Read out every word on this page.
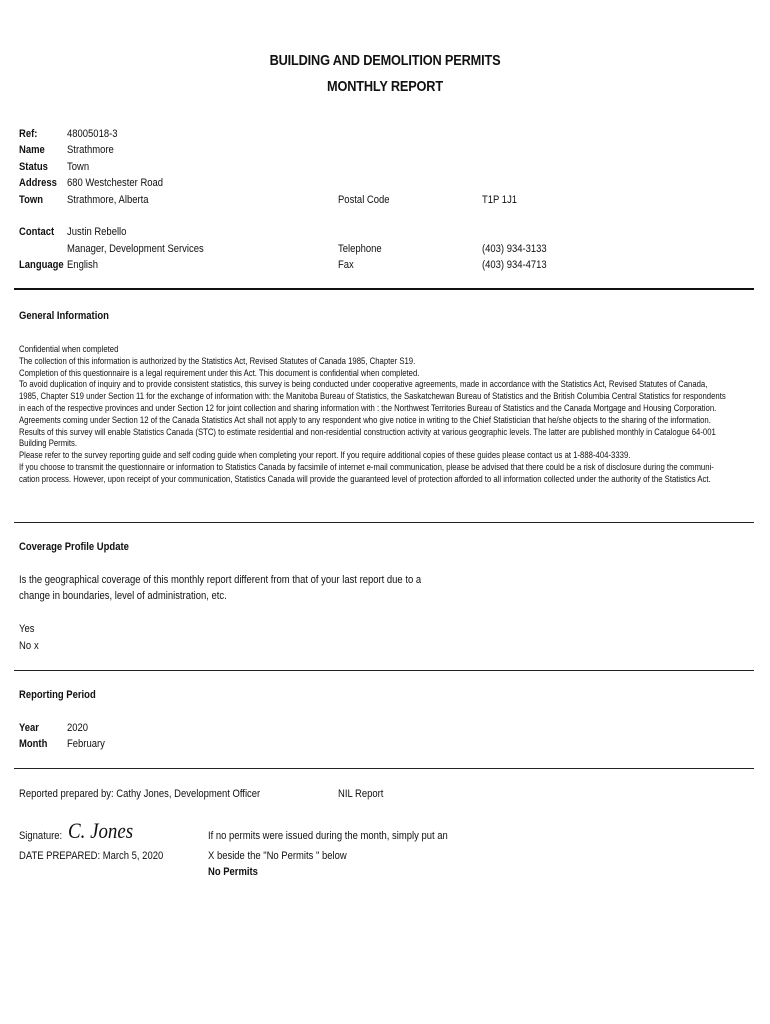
BUILDING AND DEMOLITION PERMITS
MONTHLY REPORT
Ref:	48005018-3
Name Strathmore
Status Town
Address 680 Westchester Road
Town Strathmore, Alberta	Postal Code	T1P 1J1
Contact Justin Rebello
Manager, Development Services	Telephone	(403) 934-3133
Language English	Fax	(403) 934-4713
General Information
Confidential when completed
The collection of this information is authorized by the Statistics Act, Revised Statutes of Canada 1985, Chapter S19.
Completion of this questionnaire is a legal requirement under this Act. This document is confidential when completed.
To avoid duplication of inquiry and to provide consistent statistics, this survey is being conducted under cooperative agreements, made in accordance with the Statistics Act, Revised Statutes of Canada,
1985, Chapter S19 under Section 11 for the exchange of information with: the Manitoba Bureau of Statistics, the Saskatchewan Bureau of Statistics and the British Columbia Central Statistics for respondents
in each of the respective provinces and under Section 12 for joint collection and sharing information with : the Northwest Territories Bureau of Statistics and the Canada Mortgage and Housing Corporation.
Agreements coming under Section 12 of the Canada Statistics Act shall not apply to any respondent who give notice in writing to the Chief Statistician that he/she objects to the sharing of the information.
Results of this survey will enable Statistics Canada (STC) to estimate residential and non-residential construction activity at various geographic levels. The latter are published monthly in Catalogue 64-001
Building Permits.
Please refer to the survey reporting guide and self coding guide when completing your report. If you require additional copies of these guides please contact us at 1-888-404-3339.
If you choose to transmit the questionnaire or information to Statistics Canada by facsimile of internet e-mail communication, please be advised that there could be a risk of disclosure during the communi-
cation process. However, upon receipt of your communication, Statistics Canada will provide the guaranteed level of protection afforded to all information collected under the authority of the Statistics Act.
Coverage Profile Update
Is the geographical coverage of this monthly report different from that of your last report due to a
change in boundaries, level of administration, etc.
Yes
No x
Reporting Period
Year	2020
Month February
Reported prepared by: Cathy Jones, Development Officer	NIL Report
Signature: C. Jones
DATE PREPARED: March 5, 2020
If no permits were issued during the month, simply put an
X beside the "No Permits " below
No Permits
